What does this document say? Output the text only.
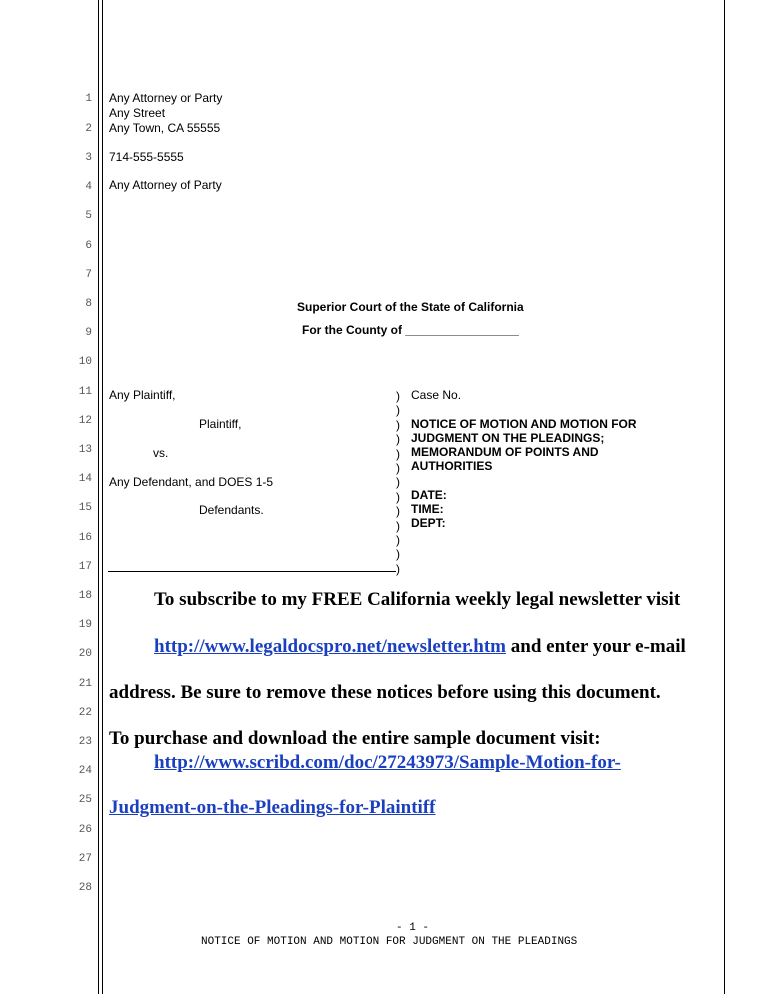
1
2
3
4
5
6
7
8
9
10
11
12
13
14
15
16
17
18
19
20
21
22
23
24
25
26
27
28
Any Attorney or Party
Any Street
Any Town, CA 55555
714-555-5555
Any Attorney of Party
Superior Court of the State of California
For the County of _________________
Any Plaintiff,
Plaintiff,
vs.
Any Defendant, and DOES 1-5
Defendants.
)
)
)
)
)
)
)
)
)
)
)
)
)
Case No.
NOTICE OF MOTION AND MOTION FOR
JUDGMENT ON THE PLEADINGS;
MEMORANDUM OF POINTS AND
AUTHORITIES
DATE:
TIME:
DEPT:
To subscribe to my FREE California weekly legal newsletter visit
http://www.legaldocspro.net/newsletter.htm and enter your e-mail
address. Be sure to remove these notices before using this document.
To purchase and download the entire sample document visit:
http://www.scribd.com/doc/27243973/Sample-Motion-for-
Judgment-on-the-Pleadings-for-Plaintiff
- 1 -
NOTICE OF MOTION AND MOTION FOR JUDGMENT ON THE PLEADINGS
